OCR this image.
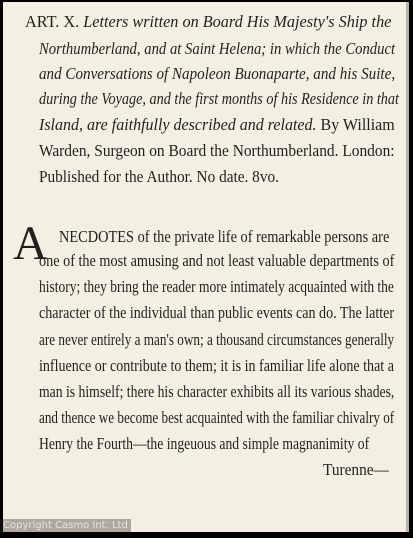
ART. X. Letters written on Board His Majesty's Ship the
Northumberland, and at Saint Helena; in which the Conduct
and Conversations of Napoleon Buonaparte, and his Suite,
during the Voyage, and the first months of his Residence in that
Island, are faithfully described and related. By William
Warden, Surgeon on Board the Northumberland. London:
Published for the Author. No date. 8vo.
A NECDOTES of the private life of remarkable persons are
one of the most amusing and not least valuable departments of
history; they bring the reader more intimately acquainted with the
character of the individual than public events can do. The latter
are never entirely a man's own; a thousand circumstances generally
influence or contribute to them; it is in familiar life alone that a
man is himself; there his character exhibits all its various shades,
and thence we become best acquainted with the familiar chivalry of
Henry the Fourth—the ingeuous and simple magnanimity of
Turenne—
Copyright Casmo Int. Ltd
